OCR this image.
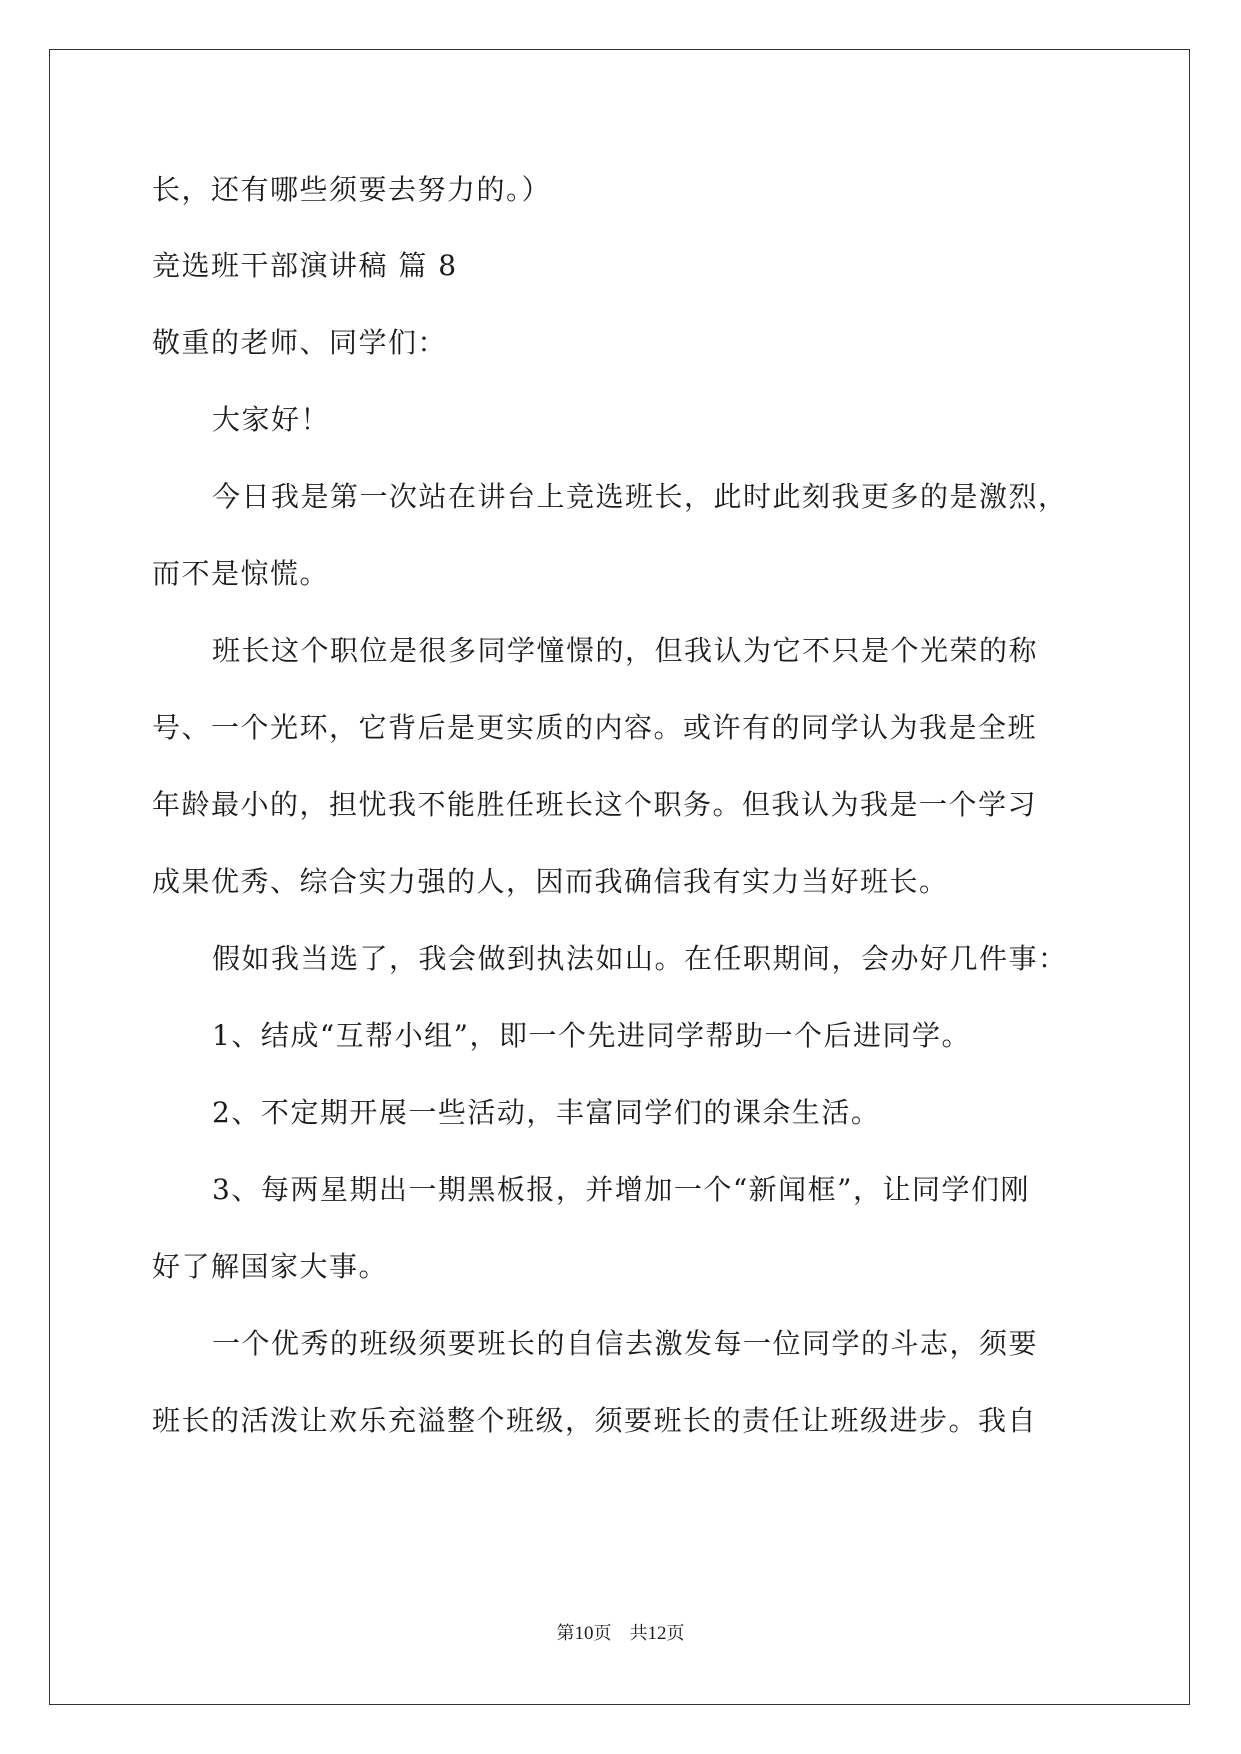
长，还有哪些须要去努力的。）
竞选班干部演讲稿 篇 8
敬重的老师、同学们：
大家好！
今日我是第一次站在讲台上竞选班长，此时此刻我更多的是激烈，
而不是惊慌。
班长这个职位是很多同学憧憬的，但我认为它不只是个光荣的称
号、一个光环，它背后是更实质的内容。或许有的同学认为我是全班
年龄最小的，担忧我不能胜任班长这个职务。但我认为我是一个学习
成果优秀、综合实力强的人，因而我确信我有实力当好班长。
假如我当选了，我会做到执法如山。在任职期间，会办好几件事：
1、结成“互帮小组”，即一个先进同学帮助一个后进同学。
2、不定期开展一些活动，丰富同学们的课余生活。
3、每两星期出一期黑板报，并增加一个“新闻框”，让同学们刚
好了解国家大事。
一个优秀的班级须要班长的自信去激发每一位同学的斗志，须要
班长的活泼让欢乐充溢整个班级，须要班长的责任让班级进步。我自
第10页 共12页
